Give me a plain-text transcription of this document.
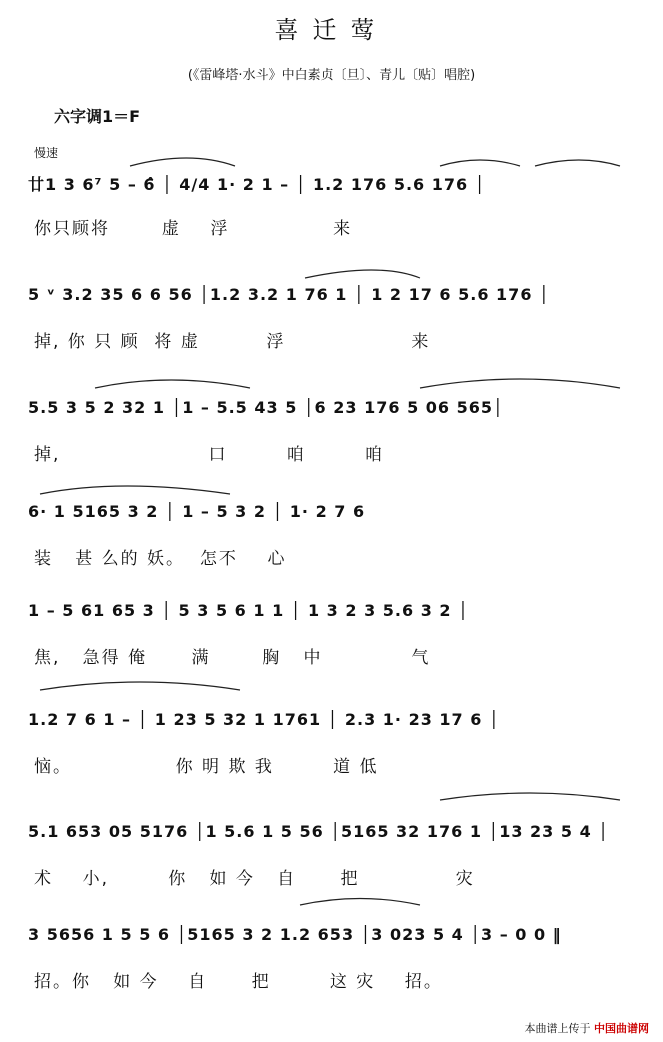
喜迁莺
(《雷峰塔·水斗》中白素贞〔旦〕、青儿〔贴〕唱腔)
六字调1＝F
慢速
廿1 3 6⁷ 5 – 6̂ │ 4/4 1· 2 1 – │ 1.2 176 5.6 176 │
你只顾将       虚    浮              来
5 ᵛ 3.2 35 6 6 56 │1.2 3.2 1 76 1 │ 1 2 17 6 5.6 176 │
掉, 你 只 顾  将 虚         浮                 来
5.5 3 5 2 32 1 │1 – 5.5 43 5 │6 23 176 5 06 565│
掉,                    口        咱        咱
6· 1 5165 3 2 │ 1 – 5 3 2 │ 1· 2 7 6
装   甚 么的 妖。  怎不    心
1 – 5 61 65 3 │ 5 3 5 6 1 1 │ 1 3 2 3 5.6 3 2 │
焦,   急得 俺      满       胸   中            气
1.2 7 6 1 – │ 1 23 5 32 1 1761 │ 2.3 1· 23 17 6 │
恼。              你 明 欺 我        道 低
5.1 653 05 5176 │1 5.6 1 5 56 │5165 32 176 1 │13 23 5 4 │
术    小,        你   如 今   自      把             灾
3 5656 1 5 5 6 │5165 3 2 1.2 653 │3 023 5 4 │3 – 0 0 ‖
招。你   如 今    自      把        这 灾    招。
本曲谱上传于 中国曲谱网
